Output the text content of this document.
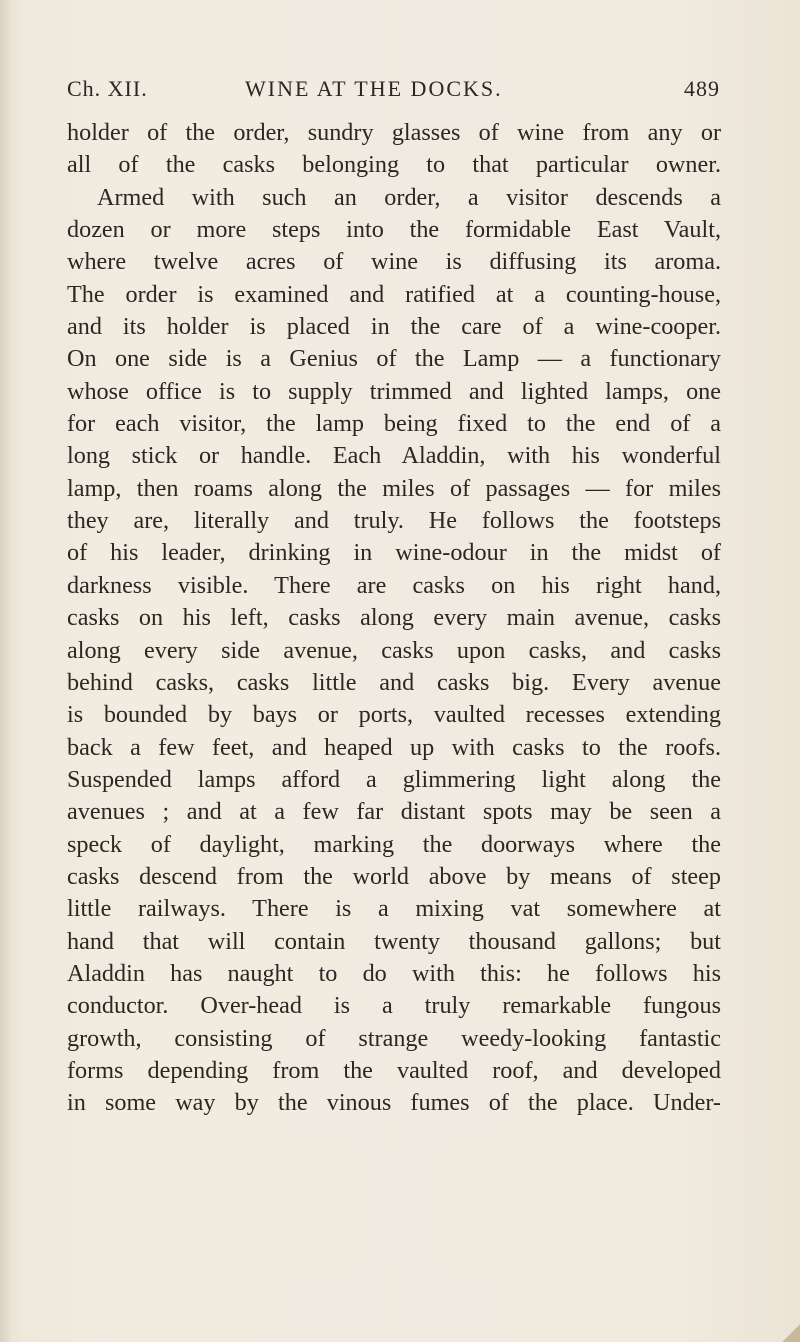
Ch. XII.	WINE AT THE DOCKS.	489
holder of the order, sundry glasses of wine from any or
all of the casks belonging to that particular owner.
Armed with such an order, a visitor descends a
dozen or more steps into the formidable East Vault,
where twelve acres of wine is diffusing its aroma.
The order is examined and ratified at a counting-house,
and its holder is placed in the care of a wine-cooper.
On one side is a Genius of the Lamp — a functionary
whose office is to supply trimmed and lighted lamps, one
for each visitor, the lamp being fixed to the end of a
long stick or handle. Each Aladdin, with his wonderful
lamp, then roams along the miles of passages — for miles
they are, literally and truly. He follows the footsteps
of his leader, drinking in wine-odour in the midst of
darkness visible. There are casks on his right hand,
casks on his left, casks along every main avenue, casks
along every side avenue, casks upon casks, and casks
behind casks, casks little and casks big. Every avenue
is bounded by bays or ports, vaulted recesses extending
back a few feet, and heaped up with casks to the roofs.
Suspended lamps afford a glimmering light along the
avenues ; and at a few far distant spots may be seen a
speck of daylight, marking the doorways where the
casks descend from the world above by means of steep
little railways. There is a mixing vat somewhere at
hand that will contain twenty thousand gallons; but
Aladdin has naught to do with this: he follows his
conductor. Over-head is a truly remarkable fungous
growth, consisting of strange weedy-looking fantastic
forms depending from the vaulted roof, and developed
in some way by the vinous fumes of the place. Under-
